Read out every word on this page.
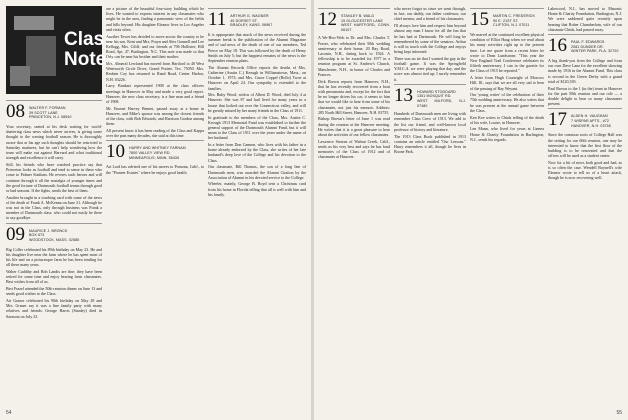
Class Notes
08 WALTER F. FORMAN
39 SCOTT LANE
PRINCETON, N.J. 08540

Your secretary, seated at his desk waiting for world-shattering class news which never arrives, is giving some thought to the coming football season. He is thoroughly aware that at his age such thoughts should be restricted to Saturday matinees, but he can't help wondering how the team will make out against Harvard and what traditional strength and excellence it will carry.

Still, his friends who have watched practice say that Princeton looks as football and tend to sense in these who come to Palmer Stadium. He reveres such heroes and will continue through it all the nostalgia of younger times and the good fortune of Dartmouth football teams through good or bad seasons. If the fights, sends the best of them.

Another brought in a touching card with some of the news of the death of Frank A. McKenna on June 21. Although he was not in the Class, only through business was Frank a member of Dartmouth class, who could not easily be there to say goodbye.

09 MAURICE J. BRONCK
BOX 673
WOODSTOCK, MASS. 02585

Big Coller celebrated his 89th birthday on May 23. He and his daughter live near the farm where he has spent most of his life and on a picturesque farm he has been tending for all these many years.

Walter Cuddihy and Bob Landis are fine; they have been retired for some time and enjoy hearing from classmates. Best wishes from all of us.

Bert Frazel attended the 50th reunion dinner on June 13 and sends good wishes to the Class.

Art Grauer celebrated his 90th birthday on May 28 and Mrs. Grauer say it was a fine family party with many relatives and friends. George Harris (Stanley) died in Sarasota on July 23.

are a picture of the beautiful four-story building which he lives. He wanted to express interest in any classmates who might be in the area, finding a panoramic view of the fields and hills beyond. His daughter Eleanor lives in Los Angeles and visits often.

Another Tower has decided to move across the country to be near his son. Kent and Mrs. Pruyn and Alex Gonnell and Lee Kellogg, Mrs. Ciliff, and our friends at 706 Hollister, Hill Road, Apt. 47, Burlington, N.C. This note was made so that Orly can be near his brother and their mother.

Mrs. Almeral Lewland has moved from Hartford to 40 West Wentworth Circle Drive, Grand Prairie, Tex. 75050. Mrs. Reuben Coy has returned to Rand Road, Center Harbor, N.H. 03226.

Larry Bunkart represented 1908 at the class officers meetings in Hanover in May and made a very good report. Hanover, the new class secretary, is a fine man and a friend of 1908.

Mr. Emmet Harvey Bennet, passed away at a home in Hanover, and Mike's spouse was among the closest friends of the class, with Bob Edwards, and Harrison Gordon among them.

All present know it has been reading of the Class and Kappa over the past many decades, she said at this time.

10 HARRY AND WHITNEY FARNAM
7800 VALLEY VIEW RD.
MINNEAPOLIS, MINN. 55435

Art Lord has advised one of his moves to Pomona, Calif., to the "Pioneer Estates" where he enjoys good health.

11 ARTHUR G. WAGNER
45 DORSET ST.
BRADLEY, KANS. 06967

It is appropriate that much of the news received during the summer break is the publication of the Alumni Magazine and of sad news of the death of one of our members, Ted Pierce on May 18. This was followed by the death of Henry Smith on July 5; but the happiest remains of the news is the September reunion plans.

The Alumni Records Office reports the deaths of Mrs. Catherine (Austin C.) Keough in Williamstown, Mass., on October 1, 1973; and Mrs. Grace Coppel (Rollo) Twoe at Hanover on April 24. Our sympathy is extended to the families.

Mrs. Ruby Wood, widow of Albert D. Wood, died July 4 at Hanover. She was 87 and had lived for many years in a house that looked out over the Connecticut valley, and will be greatly missed by her many friends in the Class of 1911.

In gratitude to the members of the Class, Mrs. Austin C. Keough 1913 Memorial Fund was established to further the general support of the Dartmouth Alumni Fund, but it will mean to the Class of 1911 over the years under the name of her husband.

In a letter from Don Cannon, who lives with his father in a home already endorsed by the Class, she writes of her late husband's deep love of the College and his devotion to the Class.

Our classmate, Bill Thomas, the son of a long line of Dartmouth men, was awarded the Alumni Citation by the Association of Alumni in his devoted service to the College.

Wheeler, mainly, George B. Boyd sent a Christmas card from his home in Florida telling that all is well with him and his family.

54
12 STANLEY B. WALD
15 GLOUCESTER LANE
WEST HARTFORD, CONN. 06107

A We-Hoo-Woh to Dr. and Mrs. Charles T. Fraser, who celebrated their 50th wedding anniversary at their home, 20 Bay Road, Laconia, N.H., dating back to 1924. A fellowship is to be awarded for 1977 in a reunion program at St. Andrew's Church, Manchester, N.H., in honor of Charles and Frances.

Dick Brown reports from Hanover, N.H., that he has recently recovered from a bout with pneumonia and, except for the fact that he no longer drives his car, it seems to him that we would like to hear from some of his classmates, not just his memoir. Address: 285 North Hill Street, Hanover, N.H. 03755.

Bishop Brown's letter of June 1 was read during the reunion at the Hanover meeting. He writes that it is a great pleasure to hear about the activities of our fellow classmates.

Lawrence Stearns of Walnut Creek, Calif., sends us his very best and says he has fond memories of the Class of 1912 and of classmates at Hanover.

who never forgot us since we went through, in fact, our daddy, our father confessor, our chief mentor, and a friend of his classmates.

I'll always love him and respect him beyond almost any man I know for all the fun that he has had at Dartmouth. He will long be remembered by some of the senators. Arthur is still in touch with the College and enjoys being kept informed.

There was no tie that I wanted the guy in the football game. It was the Springfield Y.M.C.A. we were playing that day, and the score was almost tied up; I surely remember it.

13 HOWARD STODDARD
1351 MOSQUIT RD.
WEST MILFORD, N.J. 07480

Hundreds of Dartmouth men are living with remember Class Crew of 1913. We add to the list our friend, and well-known local professor of history and literature.

The 1913 Class Book published in 1913 contains an article entitled "Our Lessons." Harry remembers it all, though he lives in Boone Park.

15 MARTIN C. FREDERICK
90 E. 21ST ST.
CLIFTON, N.J. 07011

We marvel at the continued excellent physical condition of Elliot Haag when we read about his many activities right up to the present time. Let me quote from a recent letter he wrote to Dean Lundstrom: "This year the New England Trail Conference celebrates its fiftieth anniversary. I can in the gazette for the Class of 1915 be reported."

A letter from Hugh Courtright of Moscow Hill, Ill., says that we are all very sad to hear of the passing of Ray Weyant.

Our 'young writer' of the celebration of their 75th wedding anniversary. He also writes that he was present at the annual game between the Class.

Ken Kee writes to Chink telling of the death of his wife, Louise, in Hanover.

Len Mann, who lived for years at Linnea Home & Charity Foundation in Burlington, N.J., sends his regards.

Lakewood, N.J., has moved to Masonic Home & Charity Foundation, Burlington, N.J. We were saddened quite recently upon hearing that Rober Chamberlain, wife of our classmate Chink, had passed away.

16 PAUL F. EDWARDS
2081 DUNDEE DR.
WINTER PARK, FLA. 32792

A big thank-you from the College and from our own Dave Lanz for the excellent showing made by 1916 in the Alumni Fund. This class is second in the Green Derby with a grand total of $120,339.

Paul Brown to the 1 (in the) team in Hanover for the past 50th reunion and our role — a double delight to hear so many classmates present.

17 ALDEN H. VAUGHAN
7 WISPAR APTS., #72
HANOVER, N.H. 03755

Since the common roots of College Hall was the setting for our 60th reunion, one may be interested to know that the first floor of the building is to be renovated and that the offices will be used as a student center.

Now for a bit of news both good and bad, as is so often the case. Wendell Boynell's wife Eleanor wrote to tell us of a heart attack, though he is now recovering well.

55
